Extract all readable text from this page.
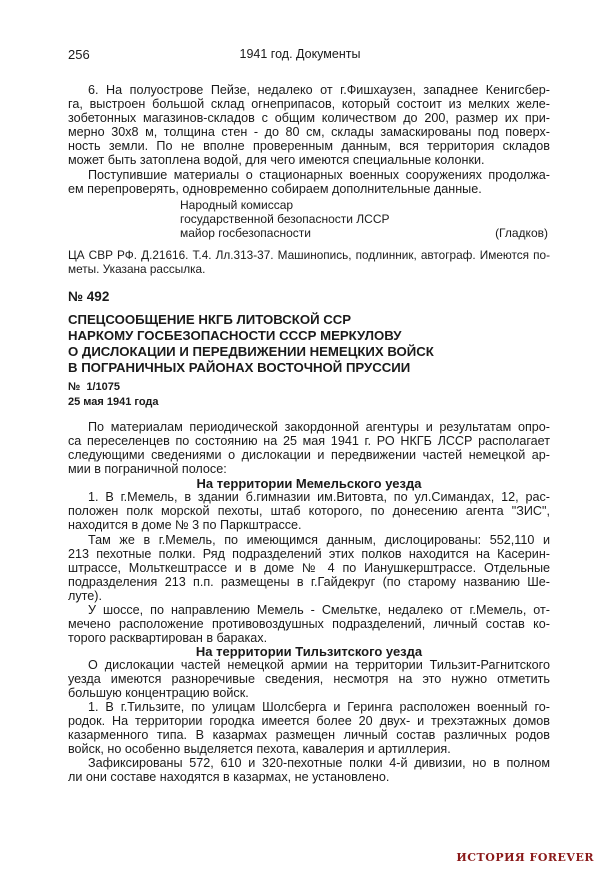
256	1941 год. Документы
6. На полуострове Пейзе, недалеко от г.Фишхаузен, западнее Кенигсбер-
га, выстроен большой склад огнеприпасов, который состоит из мелких желе-
зобетонных магазинов-складов с общим количеством до 200, размер их при-
мерно 30х8 м, толщина стен - до 80 см, склады замаскированы под поверх-
ность земли. По не вполне проверенным данным, вся территория складов
может быть затоплена водой, для чего имеются специальные колонки.
Поступившие материалы о стационарных военных сооружениях продолжа-
ем перепроверять, одновременно собираем дополнительные данные.
Народный комиссар
государственной безопасности ЛССР
майор госбезопасности	(Гладков)
ЦА СВР РФ. Д.21616. Т.4. Лл.313-37. Машинопись, подлинник, автограф. Имеются по-
меты. Указана рассылка.
№ 492
СПЕЦСООБЩЕНИЕ НКГБ ЛИТОВСКОЙ ССР
НАРКОМУ ГОСБЕЗОПАСНОСТИ СССР МЕРКУЛОВУ
О ДИСЛОКАЦИИ И ПЕРЕДВИЖЕНИИ НЕМЕЦКИХ ВОЙСК
В ПОГРАНИЧНЫХ РАЙОНАХ ВОСТОЧНОЙ ПРУССИИ
№  1/1075
25 мая 1941 года
По материалам периодической закордонной агентуры и результатам опро-
са переселенцев по состоянию на 25 мая 1941 г. РО НКГБ ЛССР располагает
следующими сведениями о дислокации и передвижении частей немецкой ар-
мии в пограничной полосе:
На территории Мемельского уезда
1. В г.Мемель, в здании б.гимназии им.Витовта, по ул.Симандах, 12, рас-
положен полк морской пехоты, штаб которого, по донесению агента "ЗИС",
находится в доме № 3 по Паркштрассе.
Там же в г.Мемель, по имеющимся данным, дислоцированы: 552,110 и
213 пехотные полки. Ряд подразделений этих полков находится на Касерин-
штрассе, Мольткештрассе и в доме № 4 по Ианушкерштрассе. Отдельные
подразделения 213 п.п. размещены в г.Гайдекруг (по старому названию Ше-
луте).
У шоссе, по направлению Мемель - Смельтке, недалеко от г.Мемель, от-
мечено расположение противовоздушных подразделений, личный состав ко-
торого расквартирован в бараках.
На территории Тильзитского уезда
О дислокации частей немецкой армии на территории Тильзит-Рагнитского
уезда имеются разноречивые сведения, несмотря на это нужно отметить
большую концентрацию войск.
1. В г.Тильзите, по улицам Шолсберга и Геринга расположен военный го-
родок. На территории городка имеется более 20 двух- и трехэтажных домов
казарменного типа. В казармах размещен личный состав различных родов
войск, но особенно выделяется пехота, кавалерия и артиллерия.
Зафиксированы 572, 610 и 320-пехотные полки 4-й дивизии, но в полном
ли они составе находятся в казармах, не установлено.
ИСТОРИЯ FOREVER
